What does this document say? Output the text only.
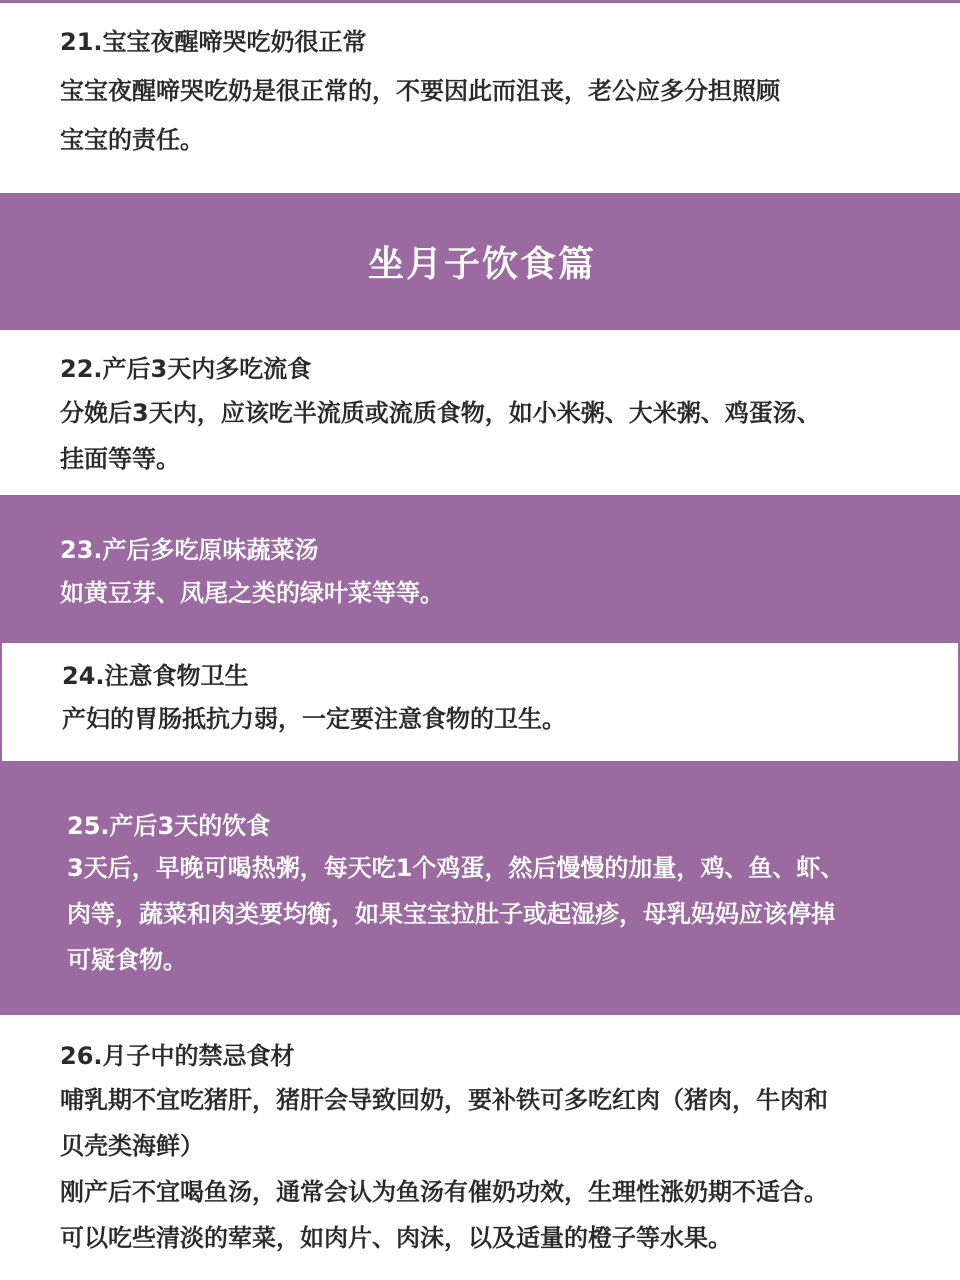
21.宝宝夜醒啼哭吃奶很正常

宝宝夜醒啼哭吃奶是很正常的，不要因此而沮丧，老公应多分担照顾

宝宝的责任。

坐月子饮食篇

22.产后3天内多吃流食

分娩后3天内，应该吃半流质或流质食物，如小米粥、大米粥、鸡蛋汤、

挂面等等。

23.产后多吃原味蔬菜汤

如黄豆芽、凤尾之类的绿叶菜等等。

24.注意食物卫生

产妇的胃肠抵抗力弱，一定要注意食物的卫生。

25.产后3天的饮食

3天后，早晚可喝热粥，每天吃1个鸡蛋，然后慢慢的加量，鸡、鱼、虾、

肉等，蔬菜和肉类要均衡，如果宝宝拉肚子或起湿疹，母乳妈妈应该停掉

可疑食物。

26.月子中的禁忌食材

哺乳期不宜吃猪肝，猪肝会导致回奶，要补铁可多吃红肉（猪肉，牛肉和

贝壳类海鲜）

刚产后不宜喝鱼汤，通常会认为鱼汤有催奶功效，生理性涨奶期不适合。

可以吃些清淡的荤菜，如肉片、肉沫，以及适量的橙子等水果。
